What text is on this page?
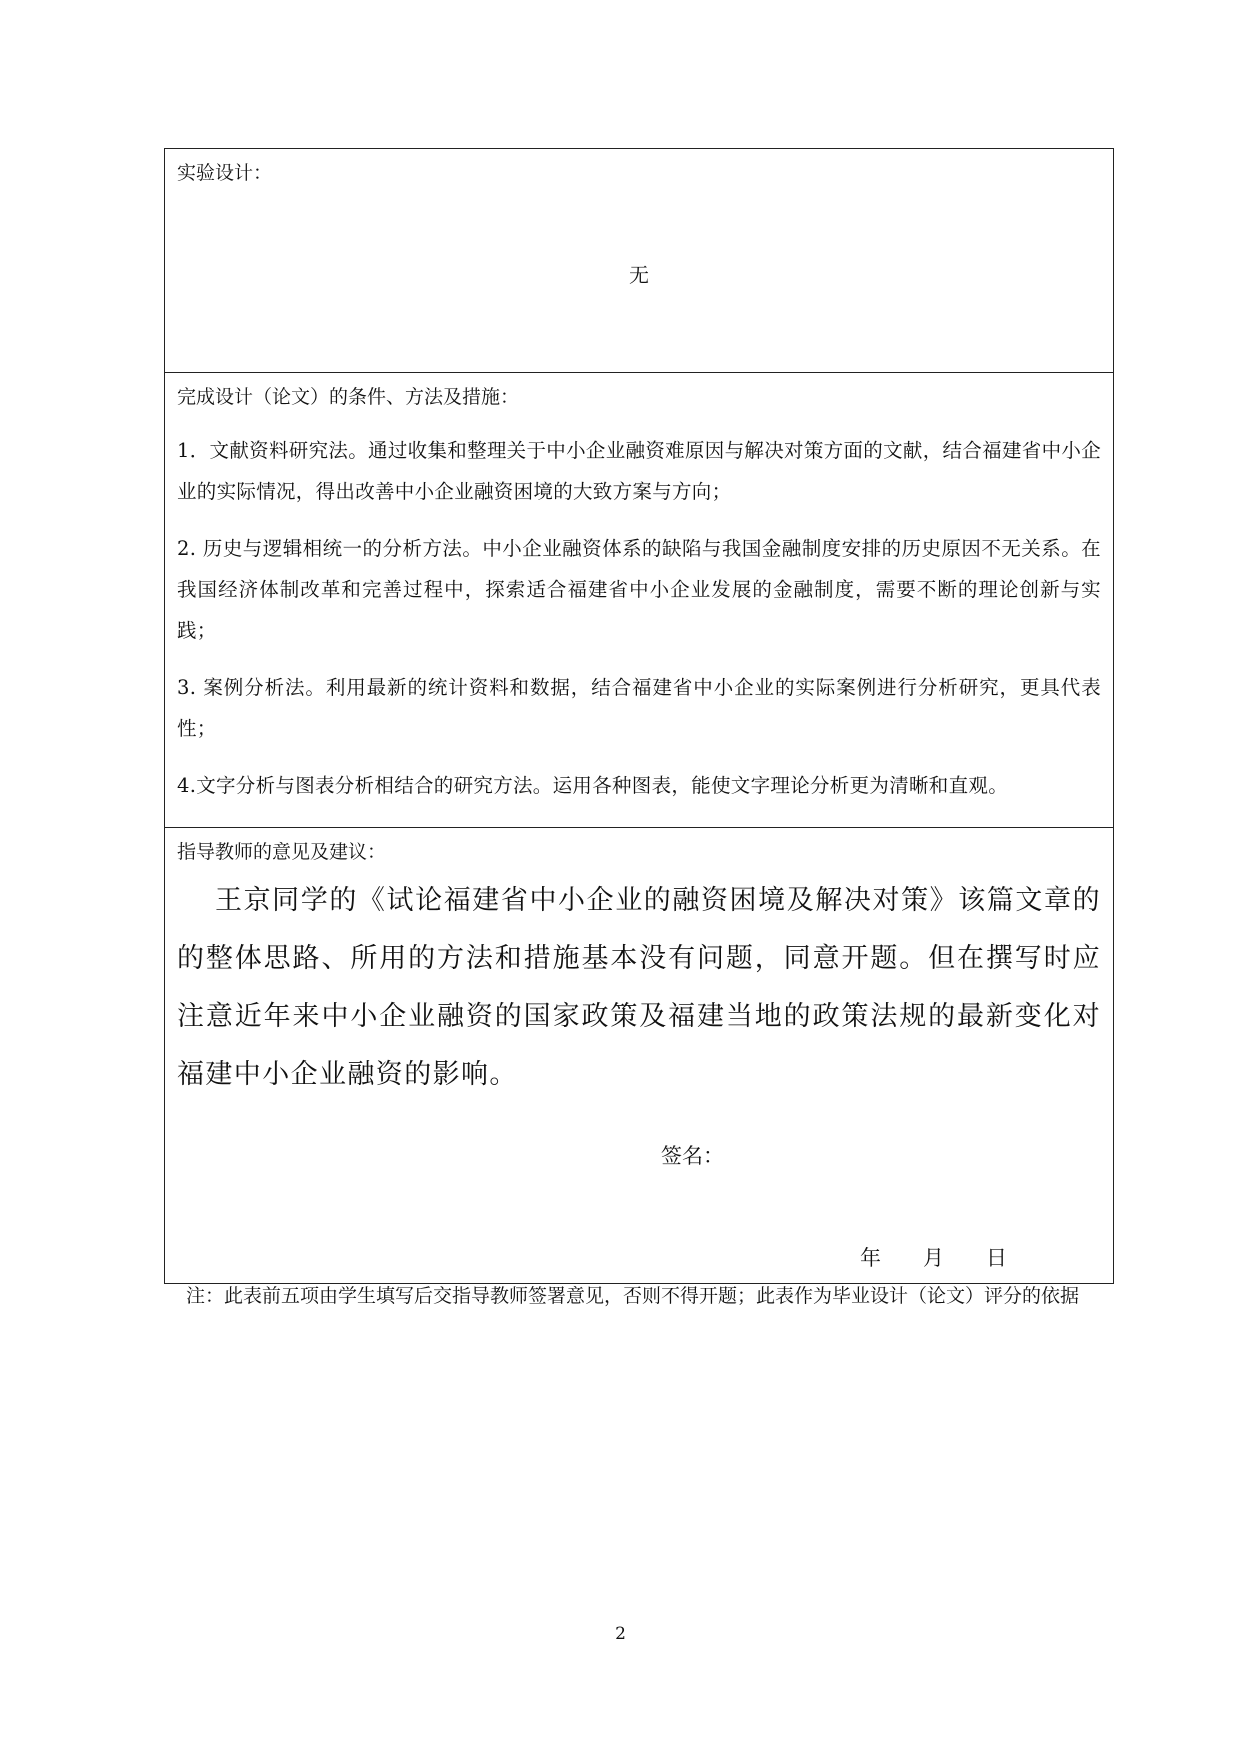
实验设计：
无
完成设计（论文）的条件、方法及措施：

1．文献资料研究法。通过收集和整理关于中小企业融资难原因与解决对策方面的文献，结合福建省中小企业的实际情况，得出改善中小企业融资困境的大致方案与方向；

2. 历史与逻辑相统一的分析方法。中小企业融资体系的缺陷与我国金融制度安排的历史原因不无关系。在我国经济体制改革和完善过程中，探索适合福建省中小企业发展的金融制度，需要不断的理论创新与实践；

3. 案例分析法。利用最新的统计资料和数据，结合福建省中小企业的实际案例进行分析研究，更具代表性；

4.文字分析与图表分析相结合的研究方法。运用各种图表，能使文字理论分析更为清晰和直观。

指导教师的意见及建议：

王京同学的《试论福建省中小企业的融资困境及解决对策》该篇文章的的整体思路、所用的方法和措施基本没有问题，同意开题。但在撰写时应注意近年来中小企业融资的国家政策及福建当地的政策法规的最新变化对福建中小企业融资的影响。

签名：
年 月 日

注：此表前五项由学生填写后交指导教师签署意见，否则不得开题；此表作为毕业设计（论文）评分的依据

2
